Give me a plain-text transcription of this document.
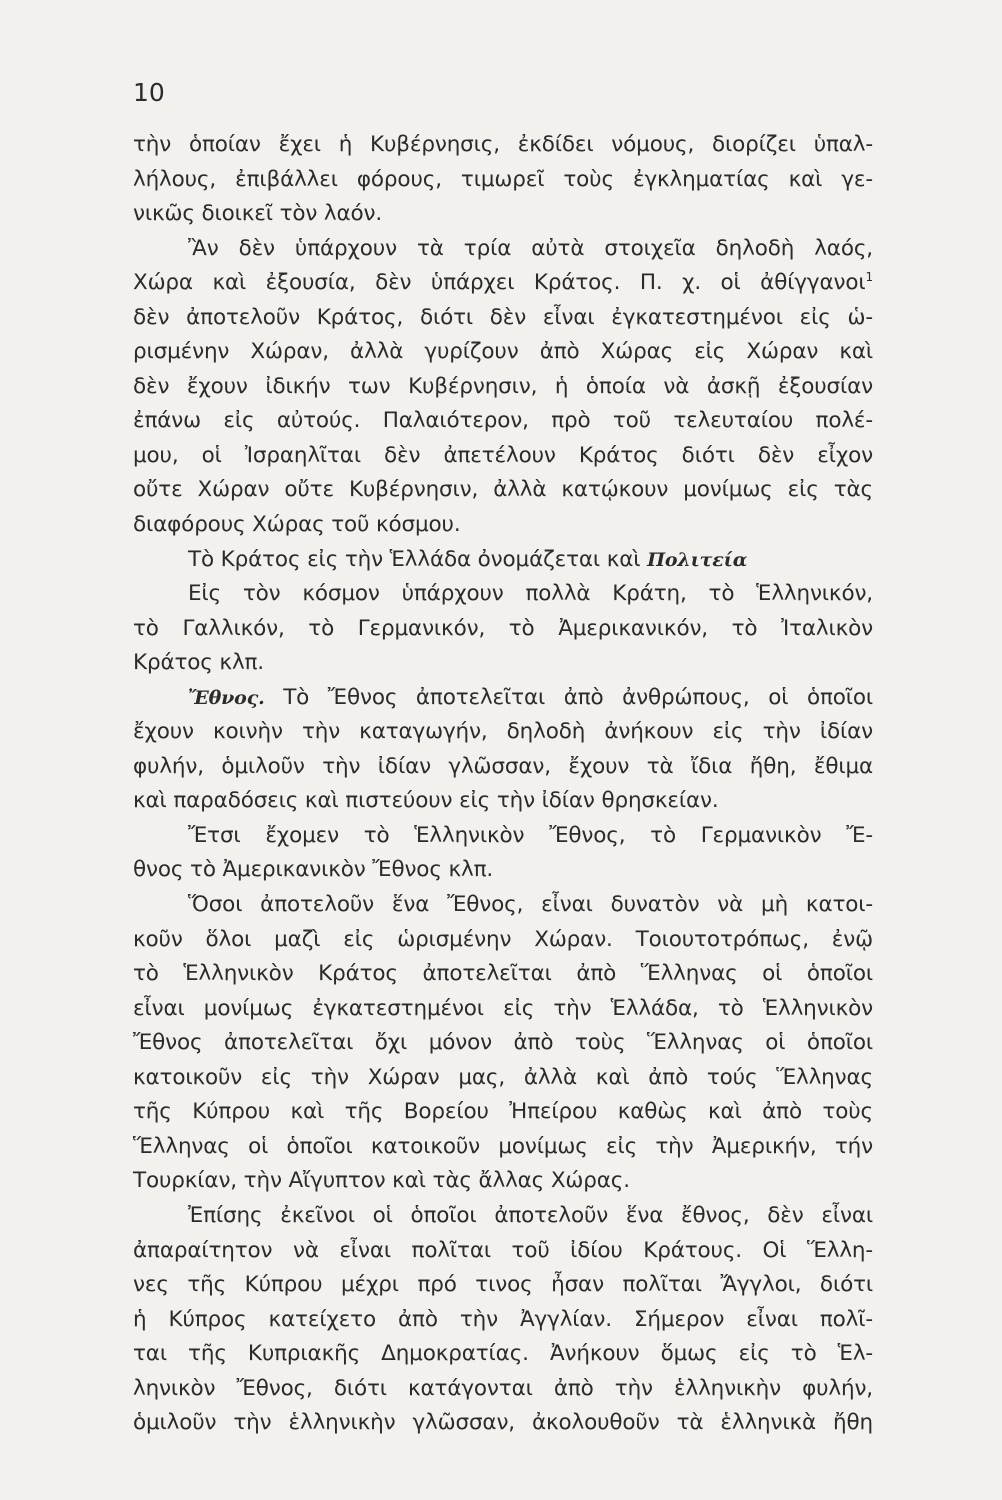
10
τὴν ὁποίαν ἔχει ἡ Κυβέρνησις, ἐκδίδει νόμους, διορίζει ὑπαλ-
λήλους, ἐπιβάλλει φόρους, τιμωρεῖ τοὺς ἐγκληματίας καὶ γε-
νικῶς διοικεῖ τὸν λαόν.
Ἂν δὲν ὑπάρχουν τὰ τρία αὐτὰ στοιχεῖα δηλοδὴ λαός,
Χώρα καὶ ἐξουσία, δὲν ὑπάρχει Κράτος. Π. χ. οἱ ἀθίγγανοι$^1$
δὲν ἀποτελοῦν Κράτος, διότι δὲν εἶναι ἐγκατεστημένοι εἰς ὡ-
ρισμένην Χώραν, ἀλλὰ γυρίζουν ἀπὸ Χώρας εἰς Χώραν καὶ
δὲν ἔχουν ἰδικήν των Κυβέρνησιν, ἡ ὁποία νὰ ἀσκῇ ἐξουσίαν
ἐπάνω εἰς αὐτούς. Παλαιότερον, πρὸ τοῦ τελευταίου πολέ-
μου, οἱ Ἰσραηλῖται δὲν ἀπετέλουν Κράτος διότι δὲν εἶχον
οὔτε Χώραν οὔτε Κυβέρνησιν, ἀλλὰ κατῴκουν μονίμως εἰς τὰς
διαφόρους Χώρας τοῦ κόσμου.
Τὸ Κράτος εἰς τὴν Ἑλλάδα ὀνομάζεται καὶ Πολιτεία
Εἰς τὸν κόσμον ὑπάρχουν πολλὰ Κράτη, τὸ Ἑλληνικόν,
τὸ Γαλλικόν, τὸ Γερμανικόν, τὸ Ἀμερικανικόν, τὸ Ἰταλικὸν
Κράτος κλπ.
Ἔθνος. Τὸ Ἔθνος ἀποτελεῖται ἀπὸ ἀνθρώπους, οἱ ὁποῖοι
ἔχουν κοινὴν τὴν καταγωγήν, δηλοδὴ ἀνήκουν εἰς τὴν ἰδίαν
φυλήν, ὁμιλοῦν τὴν ἰδίαν γλῶσσαν, ἔχουν τὰ ἴδια ἤθη, ἔθιμα
καὶ παραδόσεις καὶ πιστεύουν εἰς τὴν ἰδίαν θρησκείαν.
Ἔτσι ἔχομεν τὸ Ἑλληνικὸν Ἔθνος, τὸ Γερμανικὸν Ἔ-
θνος τὸ Ἀμερικανικὸν Ἔθνος κλπ.
Ὅσοι ἀποτελοῦν ἕνα Ἔθνος, εἶναι δυνατὸν νὰ μὴ κατοι-
κοῦν ὅλοι μαζὶ εἰς ὡρισμένην Χώραν. Τοιουτοτρόπως, ἐνῷ
τὸ Ἑλληνικὸν Κράτος ἀποτελεῖται ἀπὸ Ἕλληνας οἱ ὁποῖοι
εἶναι μονίμως ἐγκατεστημένοι εἰς τὴν Ἑλλάδα, τὸ Ἑλληνικὸν
Ἔθνος ἀποτελεῖται ὄχι μόνον ἀπὸ τοὺς Ἕλληνας οἱ ὁποῖοι
κατοικοῦν εἰς τὴν Χώραν μας, ἀλλὰ καὶ ἀπὸ τούς Ἕλληνας
τῆς Κύπρου καὶ τῆς Βορείου Ἠπείρου καθὼς καὶ ἀπὸ τοὺς
Ἕλληνας οἱ ὁποῖοι κατοικοῦν μονίμως εἰς τὴν Ἀμερικήν, τήν
Τουρκίαν, τὴν Αἴγυπτον καὶ τὰς ἄλλας Χώρας.
Ἐπίσης ἐκεῖνοι οἱ ὁποῖοι ἀποτελοῦν ἕνα ἔθνος, δὲν εἶναι
ἀπαραίτητον νὰ εἶναι πολῖται τοῦ ἰδίου Κράτους. Οἱ Ἕλλη-
νες τῆς Κύπρου μέχρι πρό τινος ἦσαν πολῖται Ἄγγλοι, διότι
ἡ Κύπρος κατείχετο ἀπὸ τὴν Ἀγγλίαν. Σήμερον εἶναι πολῖ-
ται τῆς Κυπριακῆς Δημοκρατίας. Ἀνήκουν ὅμως εἰς τὸ Ἑλ-
ληνικὸν Ἔθνος, διότι κατάγονται ἀπὸ τὴν ἑλληνικὴν φυλήν,
ὁμιλοῦν τὴν ἑλληνικὴν γλῶσσαν, ἀκολουθοῦν τὰ ἑλληνικὰ ἤθη
